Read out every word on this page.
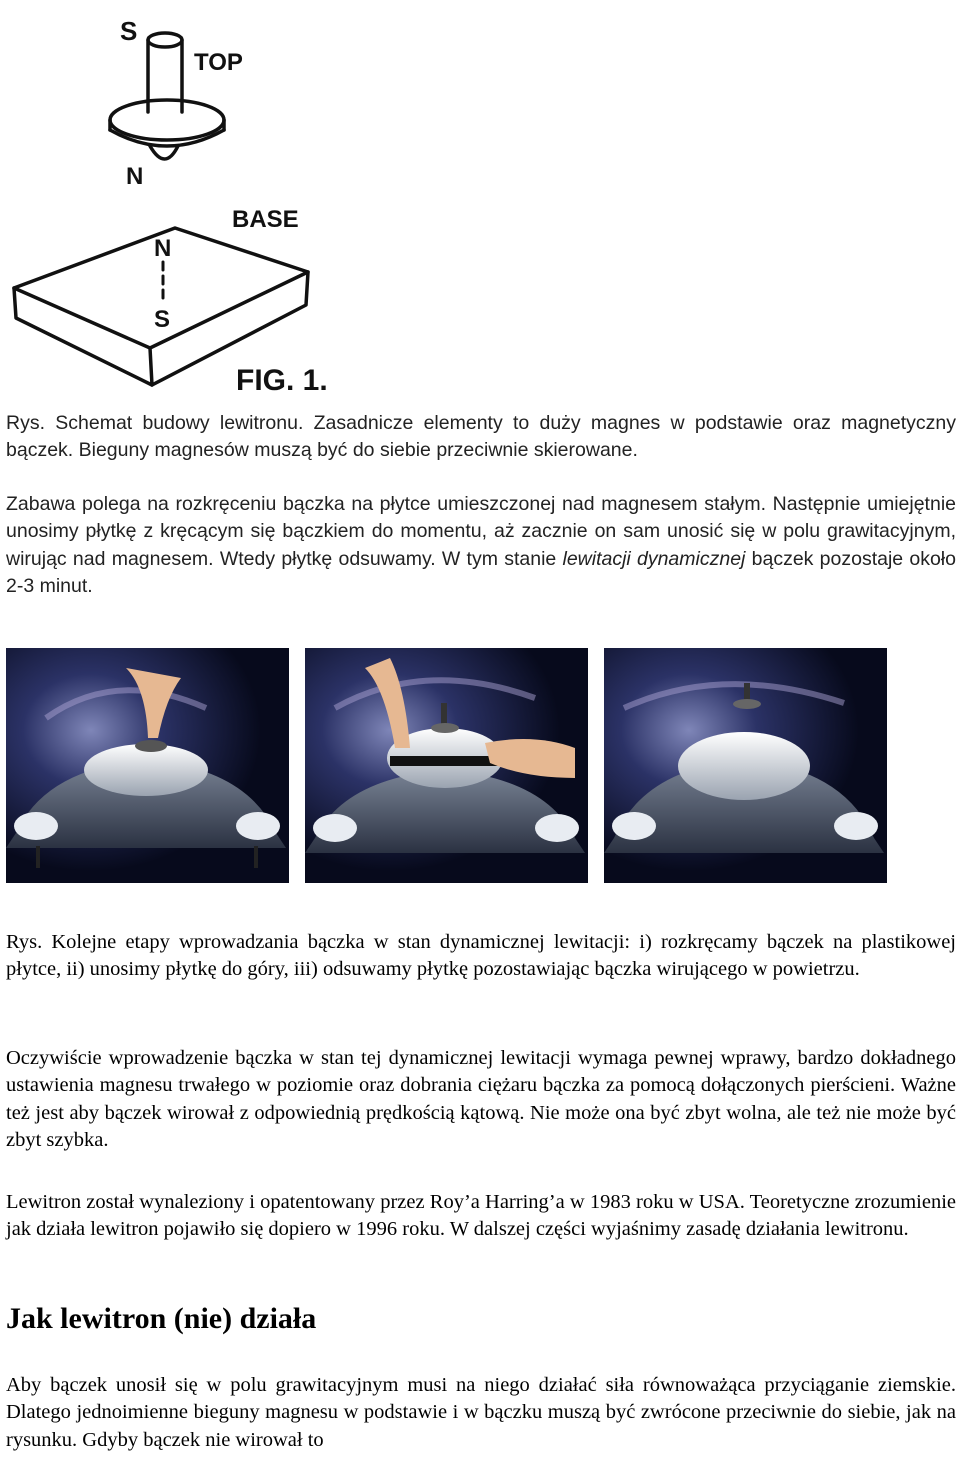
S
TOP
N
BASE
N
S
FIG. 1.

Rys. Schemat budowy lewitronu. Zasadnicze elementy to duży magnes w podstawie oraz magnetyczny bączek. Bieguny magnesów muszą być do siebie przeciwnie skierowane.

Zabawa polega na rozkręceniu bączka na płytce umieszczonej nad magnesem stałym. Następnie umiejętnie unosimy płytkę z kręcącym się bączkiem do momentu, aż zacznie on sam unosić się w polu grawitacyjnym, wirując nad magnesem. Wtedy płytkę odsuwamy. W tym stanie lewitacji dynamicznej bączek pozostaje około 2-3 minut.

Rys. Kolejne etapy wprowadzania bączka w stan dynamicznej lewitacji: i) rozkręcamy bączek na plastikowej płytce, ii) unosimy płytkę do góry, iii) odsuwamy płytkę pozostawiając bączka wirującego w powietrzu.

Oczywiście wprowadzenie bączka w stan tej dynamicznej lewitacji wymaga pewnej wprawy, bardzo dokładnego ustawienia magnesu trwałego w poziomie oraz dobrania ciężaru bączka za pomocą dołączonych pierścieni. Ważne też jest aby bączek wirował z odpowiednią prędkością kątową. Nie może ona być zbyt wolna, ale też nie może być zbyt szybka.

Lewitron został wynaleziony i opatentowany przez Roy’a Harring’a w 1983 roku w USA. Teoretyczne zrozumienie jak działa lewitron pojawiło się dopiero w 1996 roku. W dalszej części wyjaśnimy zasadę działania lewitronu.

Jak lewitron (nie) działa

Aby bączek unosił się w polu grawitacyjnym musi na niego działać siła równoważąca przyciąganie ziemskie. Dlatego jednoimienne bieguny magnesu w podstawie i w bączku muszą być zwrócone przeciwnie do siebie, jak na rysunku. Gdyby bączek nie wirował to
